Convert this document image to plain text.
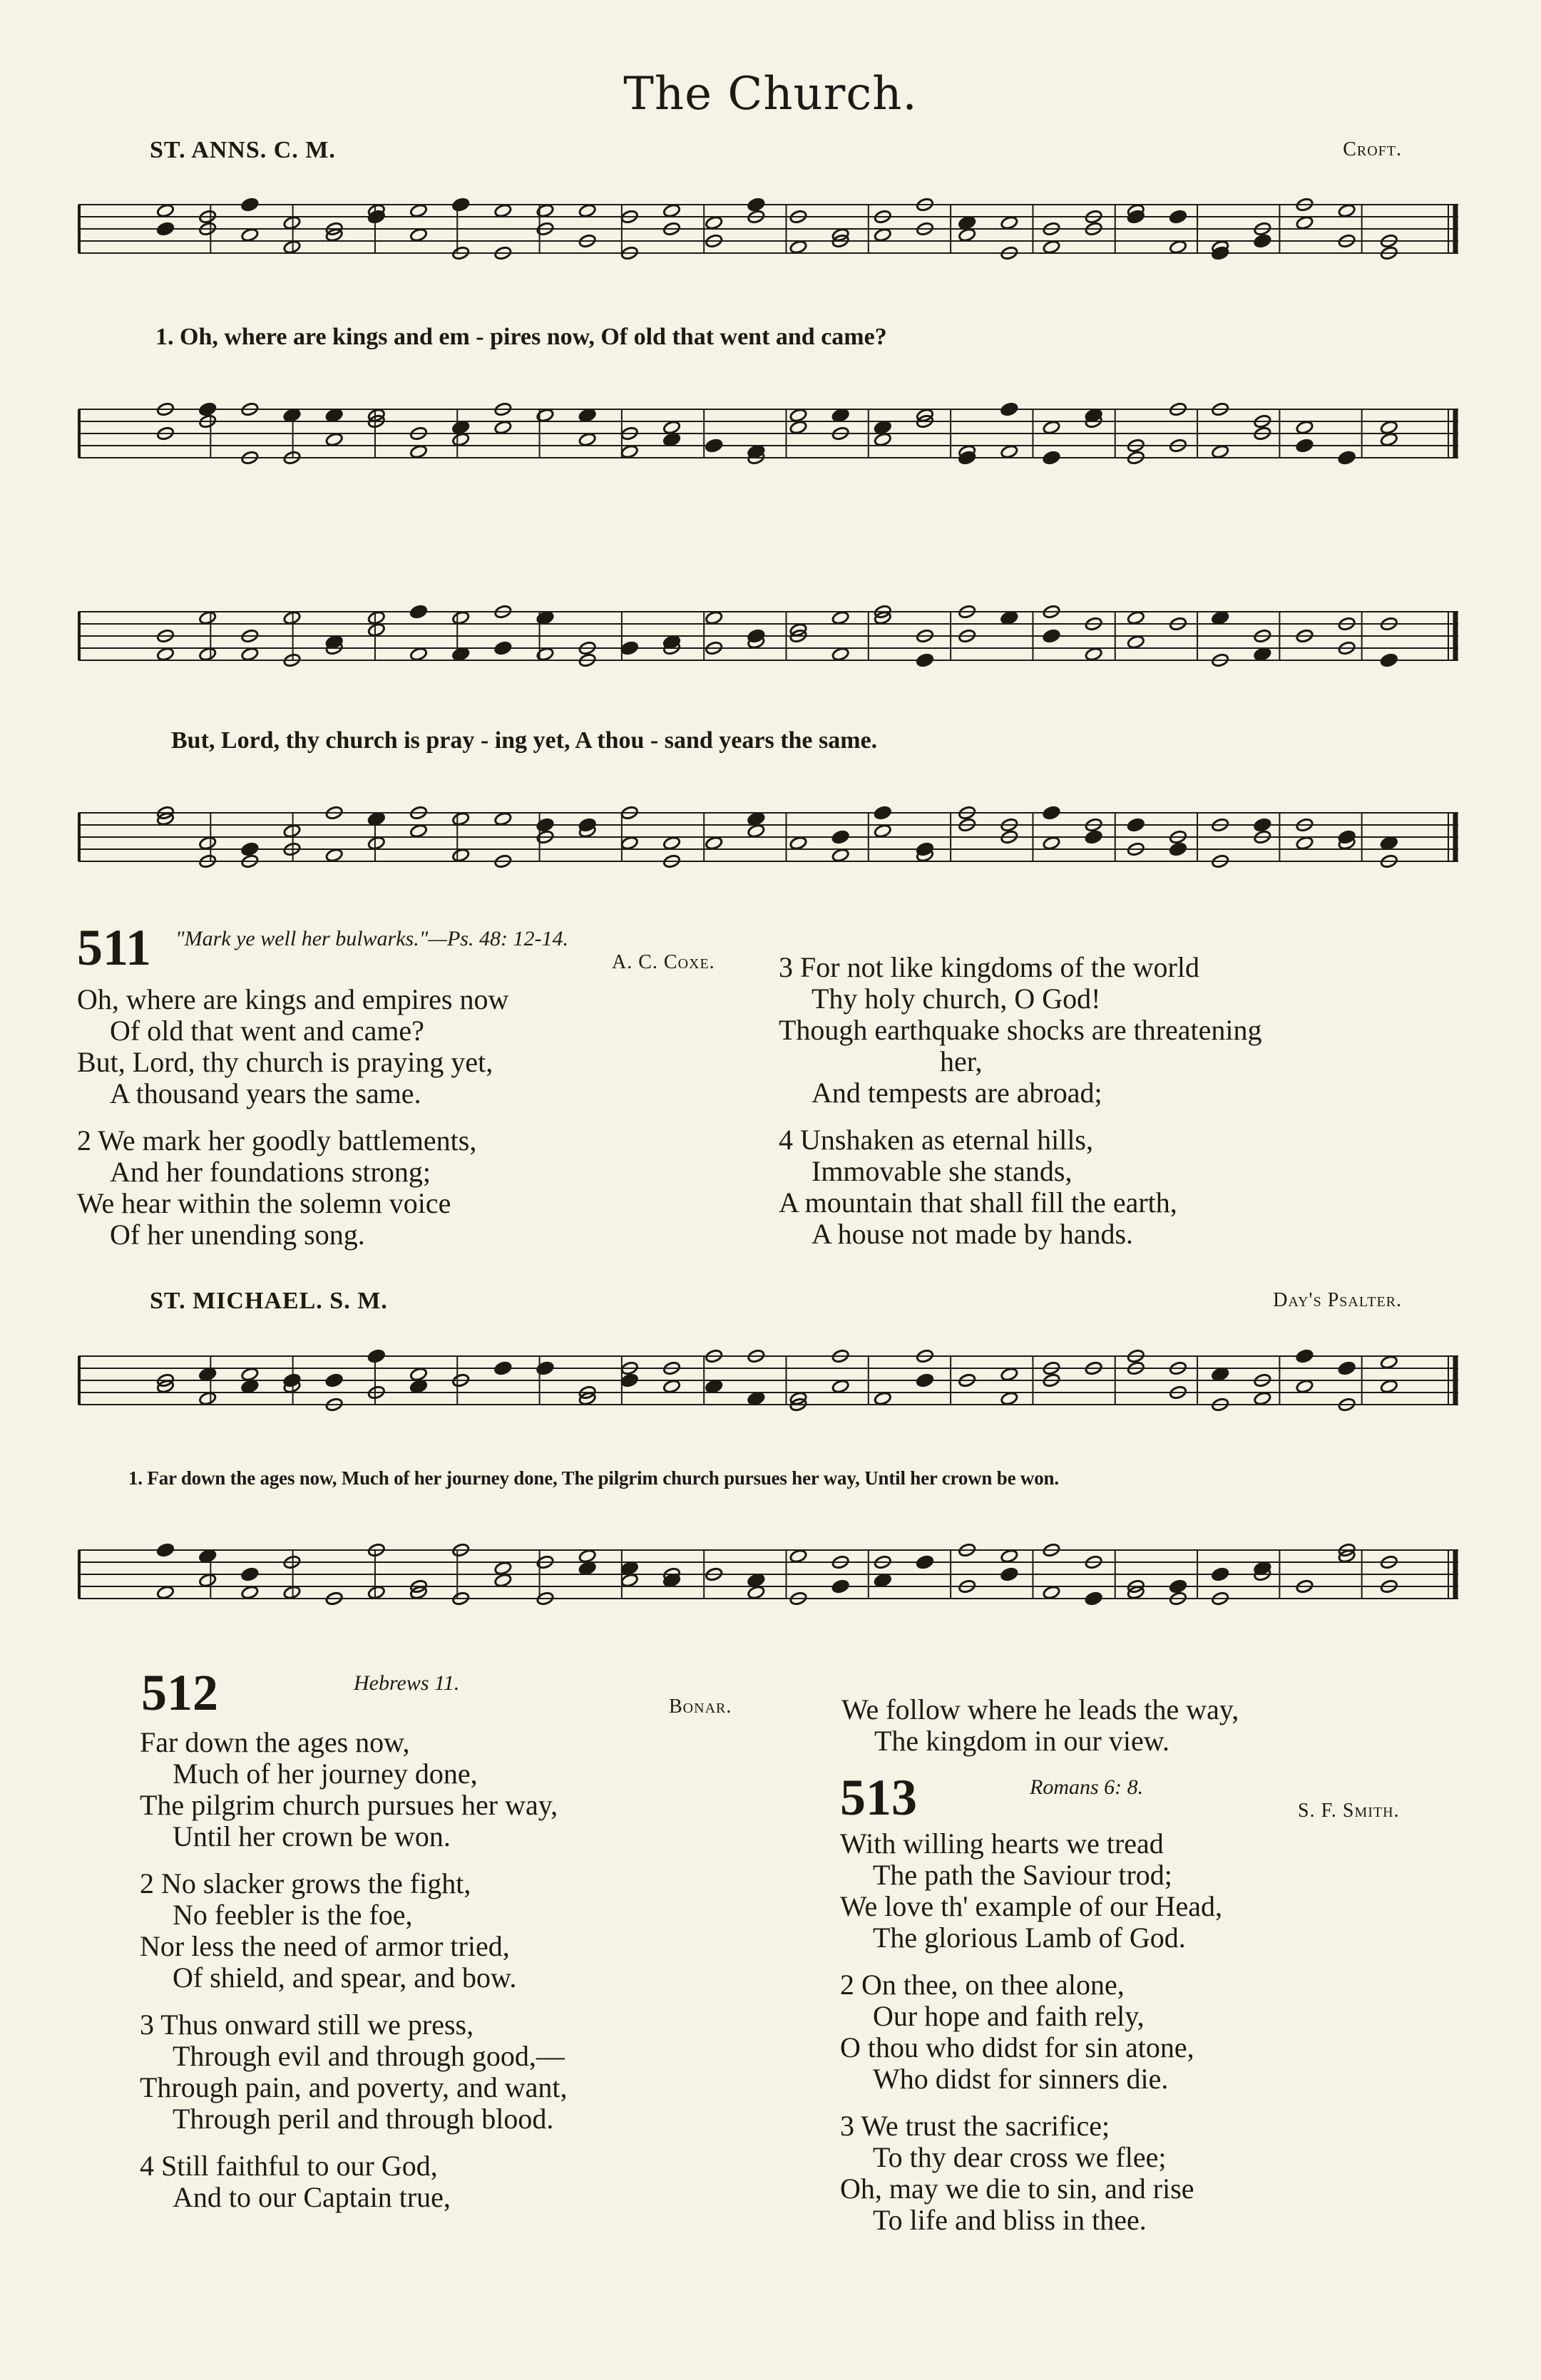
The Church.
ST. ANNS. C. M.	Croft.
1. Oh, where are kings and em - pires now, Of old that went and came?
But, Lord, thy church is pray - ing yet, A thou - sand years the same.
511 "Mark ye well her bulwarks."—Ps. 48: 12-14.
A. C. Coxe.
Oh, where are kings and empires now
Of old that went and came?
But, Lord, thy church is praying yet,
A thousand years the same.
2 We mark her goodly battlements,
And her foundations strong;
We hear within the solemn voice
Of her unending song.
3 For not like kingdoms of the world
Thy holy church, O God!
Though earthquake shocks are threatening
her,
And tempests are abroad;
4 Unshaken as eternal hills,
Immovable she stands,
A mountain that shall fill the earth,
A house not made by hands.
ST. MICHAEL. S. M.	Day's Psalter.
1. Far down the ages now, Much of her journey done, The pilgrim church pursues her way, Until her crown be won.
512	Hebrews 11.
Bonar.
Far down the ages now,
Much of her journey done,
The pilgrim church pursues her way,
Until her crown be won.
2 No slacker grows the fight,
No feebler is the foe,
Nor less the need of armor tried,
Of shield, and spear, and bow.
3 Thus onward still we press,
Through evil and through good,—
Through pain, and poverty, and want,
Through peril and through blood.
4 Still faithful to our God,
And to our Captain true,
We follow where he leads the way,
The kingdom in our view.
513	Romans 6: 8.
S. F. Smith.
With willing hearts we tread
The path the Saviour trod;
We love th' example of our Head,
The glorious Lamb of God.
2 On thee, on thee alone,
Our hope and faith rely,
O thou who didst for sin atone,
Who didst for sinners die.
3 We trust the sacrifice;
To thy dear cross we flee;
Oh, may we die to sin, and rise
To life and bliss in thee.
